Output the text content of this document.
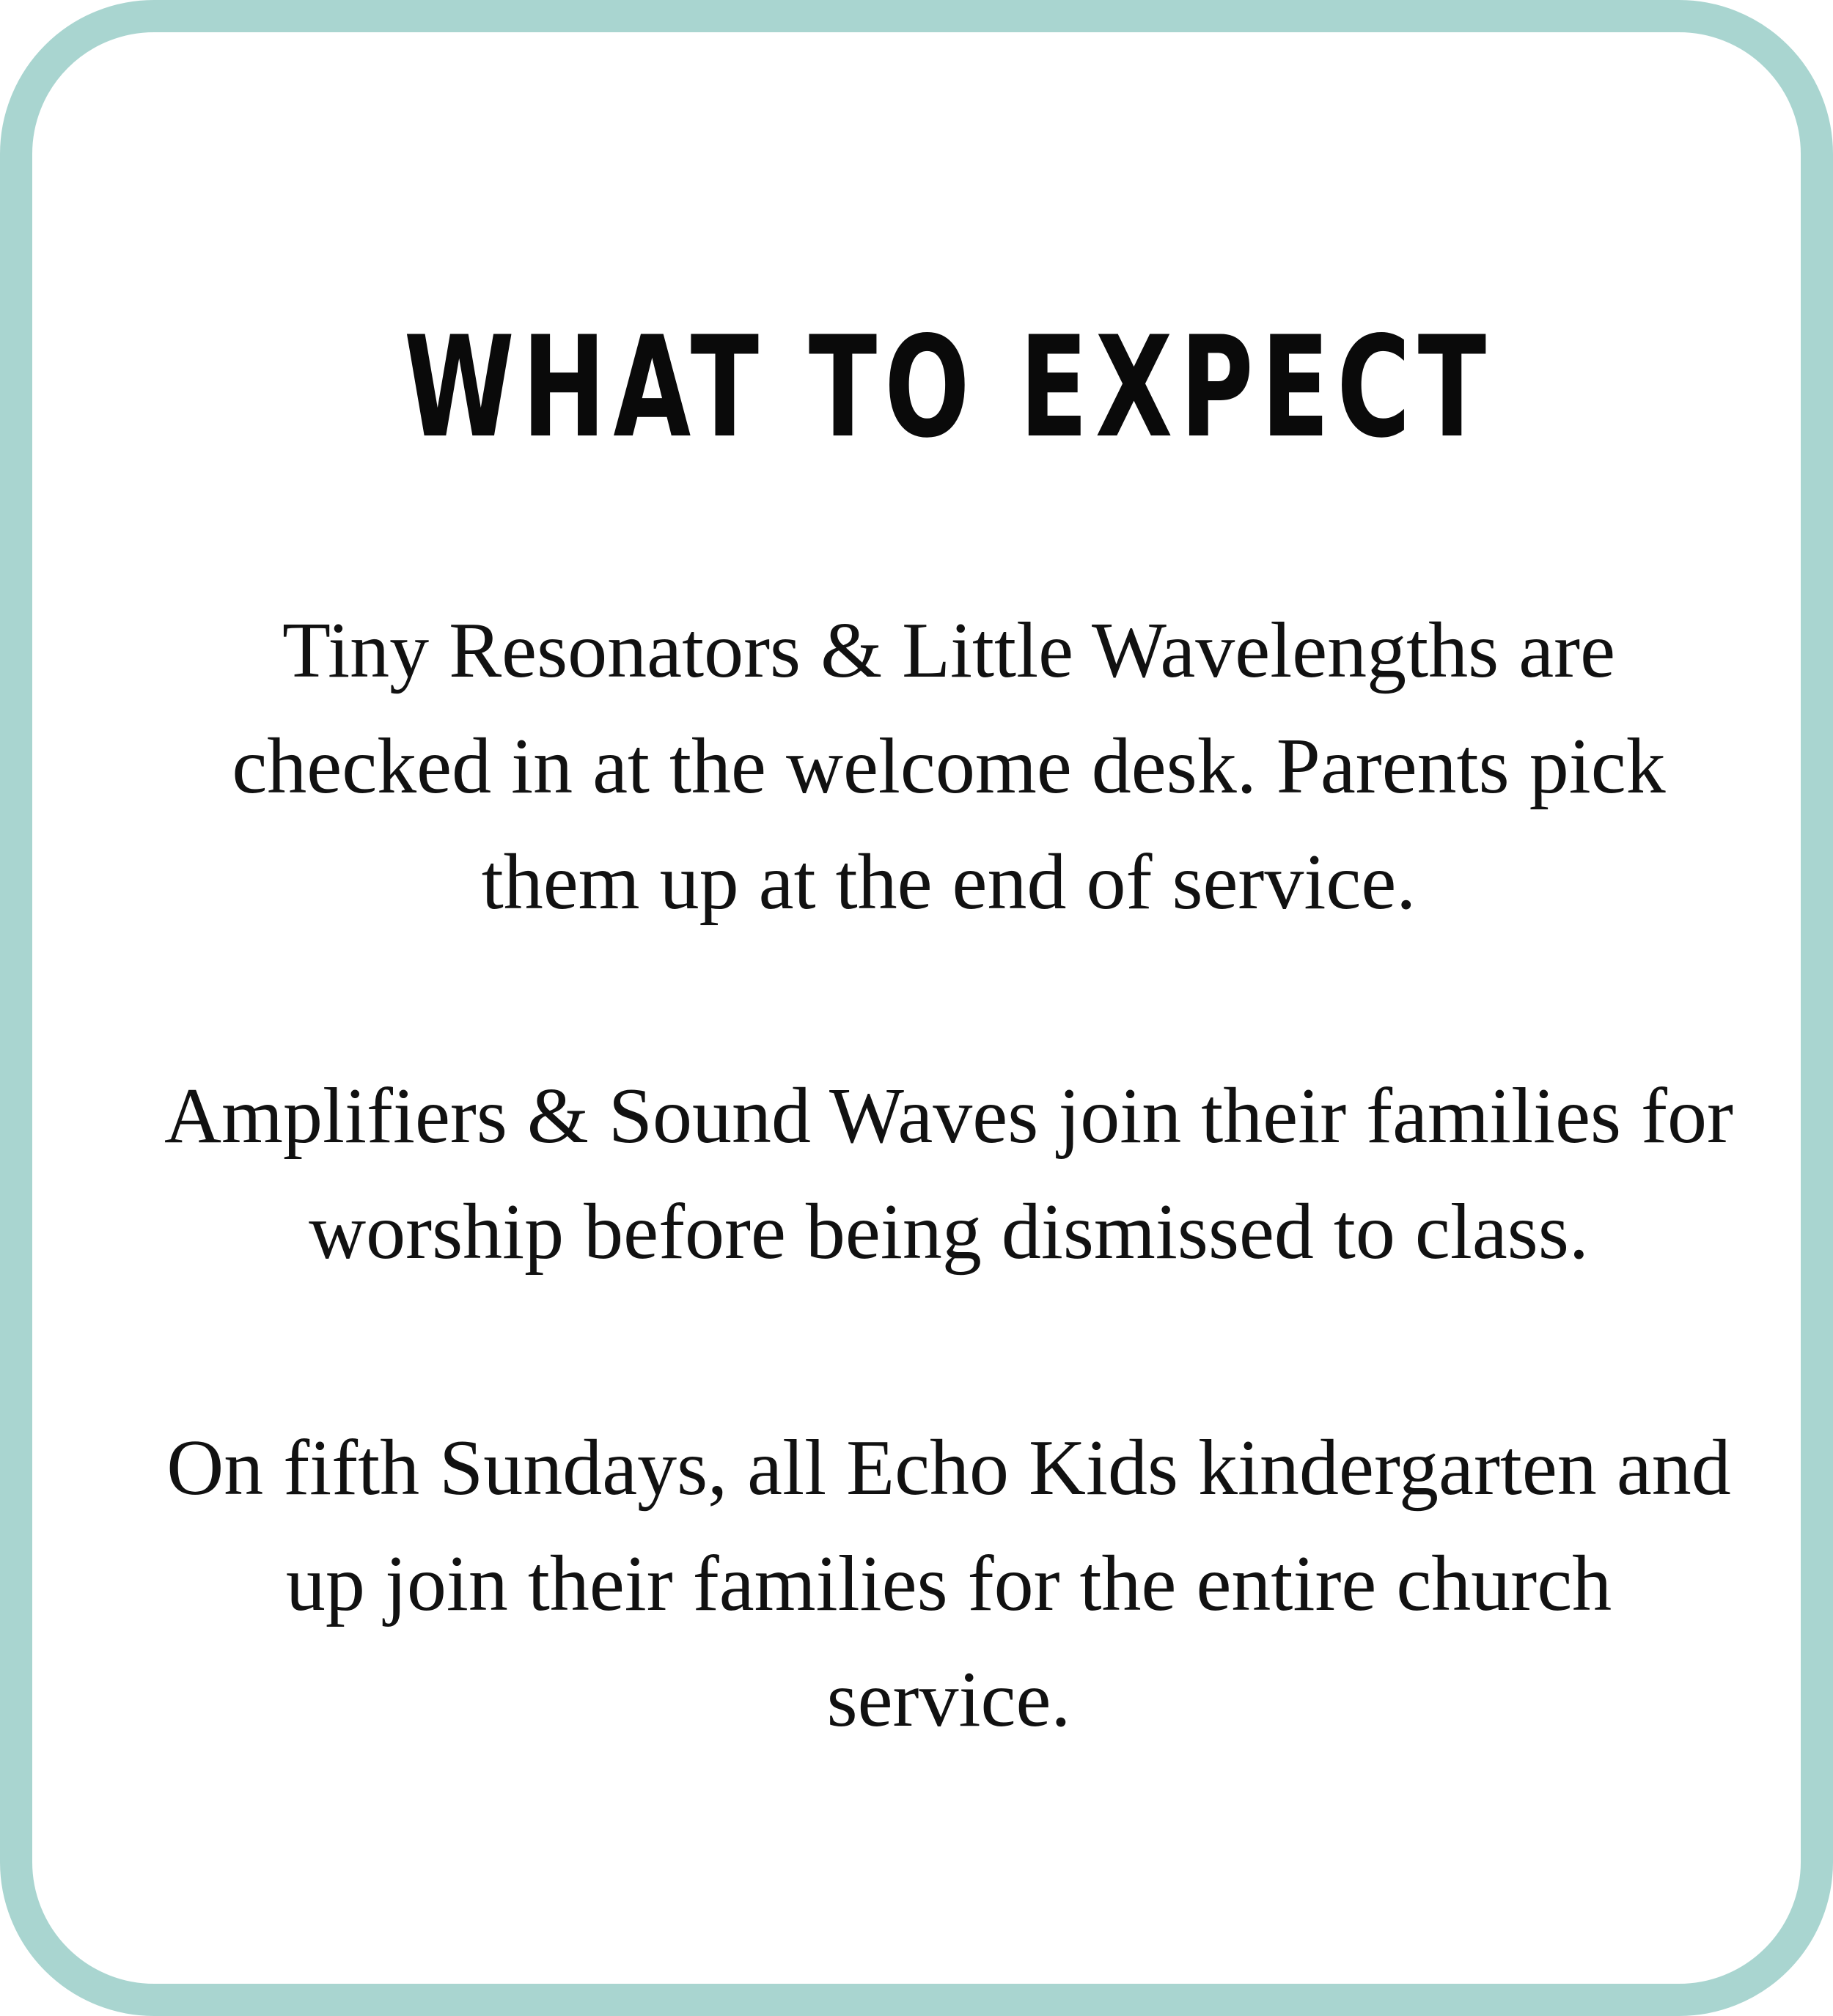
WHAT TO EXPECT

Tiny Resonators & Little Wavelengths are checked in at the welcome desk. Parents pick them up at the end of service.

Amplifiers & Sound Waves join their families for worship before being dismissed to class.

On fifth Sundays, all Echo Kids kindergarten and up join their families for the entire church service.
